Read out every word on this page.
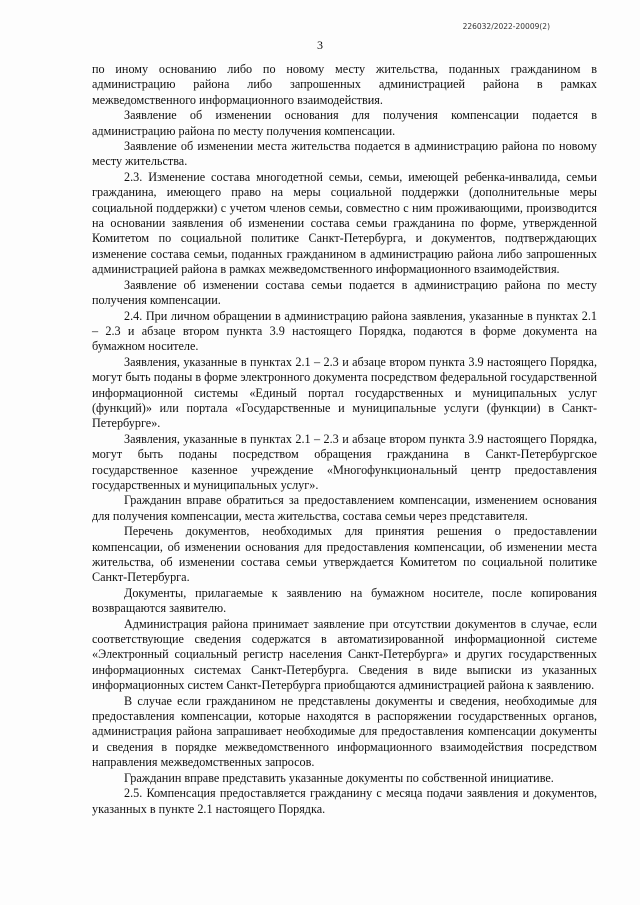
226032/2022-20009(2)
3

по иному основанию либо по новому месту жительства, поданных гражданином в администрацию района либо запрошенных администрацией района в рамках межведомственного информационного взаимодействия.

Заявление об изменении основания для получения компенсации подается в администрацию района по месту получения компенсации.

Заявление об изменении места жительства подается в администрацию района по новому месту жительства.

2.3. Изменение состава многодетной семьи, семьи, имеющей ребенка-инвалида, семьи гражданина, имеющего право на меры социальной поддержки (дополнительные меры социальной поддержки) с учетом членов семьи, совместно с ним проживающими, производится на основании заявления об изменении состава семьи гражданина по форме, утвержденной Комитетом по социальной политике Санкт-Петербурга, и документов, подтверждающих изменение состава семьи, поданных гражданином в администрацию района либо запрошенных администрацией района в рамках межведомственного информационного взаимодействия.

Заявление об изменении состава семьи подается в администрацию района по месту получения компенсации.

2.4. При личном обращении в администрацию района заявления, указанные в пунктах 2.1 – 2.3 и абзаце втором пункта 3.9 настоящего Порядка, подаются в форме документа на бумажном носителе.

Заявления, указанные в пунктах 2.1 – 2.3 и абзаце втором пункта 3.9 настоящего Порядка, могут быть поданы в форме электронного документа посредством федеральной государственной информационной системы «Единый портал государственных и муниципальных услуг (функций)» или портала «Государственные и муниципальные услуги (функции) в Санкт-Петербурге».

Заявления, указанные в пунктах 2.1 – 2.3 и абзаце втором пункта 3.9 настоящего Порядка, могут быть поданы посредством обращения гражданина в Санкт-Петербургское государственное казенное учреждение «Многофункциональный центр предоставления государственных и муниципальных услуг».

Гражданин вправе обратиться за предоставлением компенсации, изменением основания для получения компенсации, места жительства, состава семьи через представителя.

Перечень документов, необходимых для принятия решения о предоставлении компенсации, об изменении основания для предоставления компенсации, об изменении места жительства, об изменении состава семьи утверждается Комитетом по социальной политике Санкт-Петербурга.

Документы, прилагаемые к заявлению на бумажном носителе, после копирования возвращаются заявителю.

Администрация района принимает заявление при отсутствии документов в случае, если соответствующие сведения содержатся в автоматизированной информационной системе «Электронный социальный регистр населения Санкт-Петербурга» и других государственных информационных системах Санкт-Петербурга. Сведения в виде выписки из указанных информационных систем Санкт-Петербурга приобщаются администрацией района к заявлению.

В случае если гражданином не представлены документы и сведения, необходимые для предоставления компенсации, которые находятся в распоряжении государственных органов, администрация района запрашивает необходимые для предоставления компенсации документы и сведения в порядке межведомственного информационного взаимодействия посредством направления межведомственных запросов.

Гражданин вправе представить указанные документы по собственной инициативе.

2.5. Компенсация предоставляется гражданину с месяца подачи заявления и документов, указанных в пункте 2.1 настоящего Порядка.
